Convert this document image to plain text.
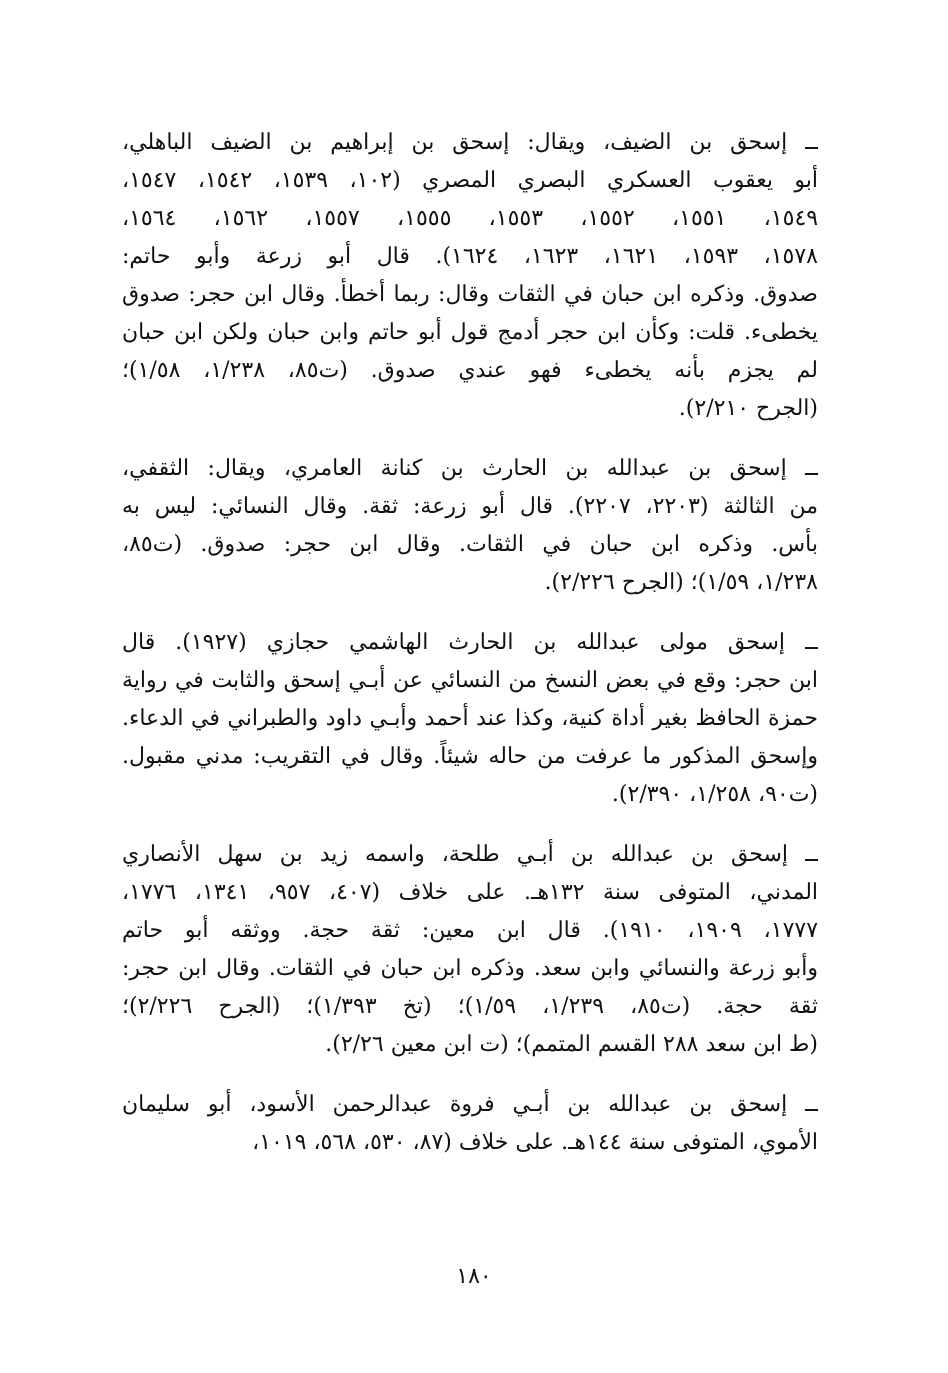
ــ إسحق بن الضيف، ويقال: إسحق بن إبراهيم بن الضيف الباهلي،
أبو يعقوب العسكري البصري المصري (١٠٢، ١٥٣٩، ١٥٤٢، ١٥٤٧،
١٥٤٩، ١٥٥١، ١٥٥٢، ١٥٥٣، ١٥٥٥، ١٥٥٧، ١٥٦٢، ١٥٦٤،
١٥٧٨، ١٥٩٣، ١٦٢١، ١٦٢٣، ١٦٢٤). قال أبو زرعة وأبو حاتم:
صدوق. وذكره ابن حبان في الثقات وقال: ربما أخطأ. وقال ابن حجر: صدوق
يخطىء. قلت: وكأن ابن حجر أدمج قول أبو حاتم وابن حبان ولكن ابن حبان
لم يجزم بأنه يخطىء فهو عندي صدوق. (ت٨٥، ١/٢٣٨، ١/٥٨)؛
(الجرح ٢/٢١٠).
ــ إسحق بن عبدالله بن الحارث بن كنانة العامري، ويقال: الثقفي،
من الثالثة (٢٢٠٣، ٢٢٠٧). قال أبو زرعة: ثقة. وقال النسائي: ليس به
بأس. وذكره ابن حبان في الثقات. وقال ابن حجر: صدوق. (ت٨٥،
١/٢٣٨، ١/٥٩)؛ (الجرح ٢/٢٢٦).
ــ إسحق مولى عبدالله بن الحارث الهاشمي حجازي (١٩٢٧). قال
ابن حجر: وقع في بعض النسخ من النسائي عن أبـي إسحق والثابت في رواية
حمزة الحافظ بغير أداة كنية، وكذا عند أحمد وأبـي داود والطبراني في الدعاء.
وإسحق المذكور ما عرفت من حاله شيئاً. وقال في التقريب: مدني مقبول.
(ت٩٠، ١/٢٥٨، ٢/٣٩٠).
ــ إسحق بن عبدالله بن أبـي طلحة، واسمه زيد بن سهل الأنصاري
المدني، المتوفى سنة ١٣٢هـ. على خلاف (٤٠٧، ٩٥٧، ١٣٤١، ١٧٧٦،
١٧٧٧، ١٩٠٩، ١٩١٠). قال ابن معين: ثقة حجة. ووثقه أبو حاتم
وأبو زرعة والنسائي وابن سعد. وذكره ابن حبان في الثقات. وقال ابن حجر:
ثقة حجة. (ت٨٥، ١/٢٣٩، ١/٥٩)؛ (تخ ١/٣٩٣)؛ (الجرح ٢/٢٢٦)؛
(ط ابن سعد ٢٨٨ القسم المتمم)؛ (ت ابن معين ٢/٢٦).
ــ إسحق بن عبدالله بن أبـي فروة عبدالرحمن الأسود، أبو سليمان
الأموي، المتوفى سنة ١٤٤هـ. على خلاف (٨٧، ٥٣٠، ٥٦٨، ١٠١٩،
١٨٠
